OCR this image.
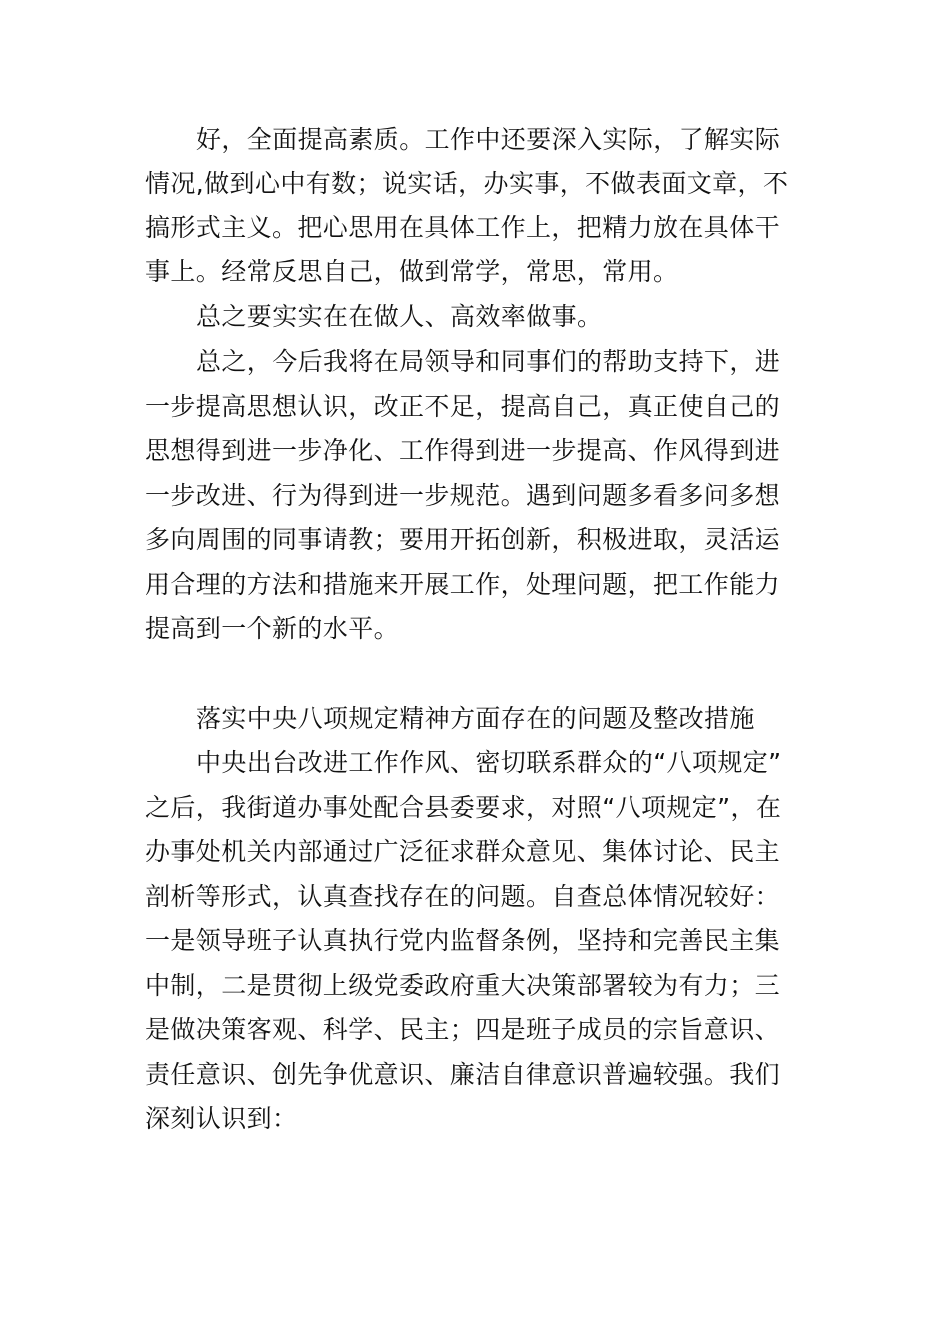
好，全面提高素质。工作中还要深入实际，了解实际
情况,做到心中有数；说实话，办实事，不做表面文章，不
搞形式主义。把心思用在具体工作上，把精力放在具体干
事上。经常反思自己，做到常学，常思，常用。
总之要实实在在做人、高效率做事。
总之，今后我将在局领导和同事们的帮助支持下，进
一步提高思想认识，改正不足，提高自己，真正使自己的
思想得到进一步净化、工作得到进一步提高、作风得到进
一步改进、行为得到进一步规范。遇到问题多看多问多想
多向周围的同事请教；要用开拓创新，积极进取，灵活运
用合理的方法和措施来开展工作，处理问题，把工作能力
提高到一个新的水平。
落实中央八项规定精神方面存在的问题及整改措施
中央出台改进工作作风、密切联系群众的“八项规定”
之后，我街道办事处配合县委要求，对照“八项规定”，在
办事处机关内部通过广泛征求群众意见、集体讨论、民主
剖析等形式，认真查找存在的问题。自查总体情况较好：
一是领导班子认真执行党内监督条例，坚持和完善民主集
中制，二是贯彻上级党委政府重大决策部署较为有力；三
是做决策客观、科学、民主；四是班子成员的宗旨意识、
责任意识、创先争优意识、廉洁自律意识普遍较强。我们
深刻认识到：
